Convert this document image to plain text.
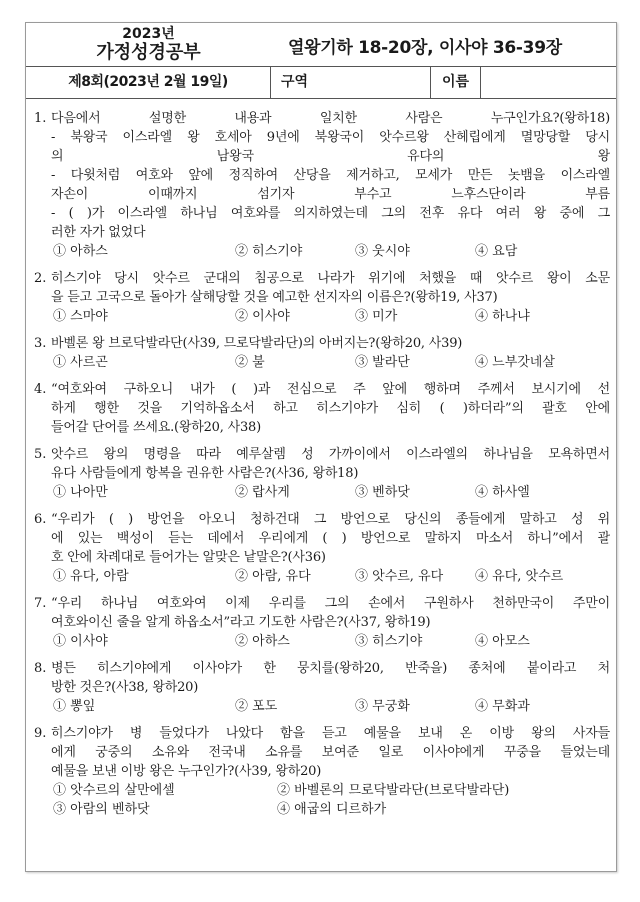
2023년
가정성경공부	열왕기하 18-20장, 이사야 36-39장
제8회(2023년 2월 19일)	구역	이름
1. 다음에서 설명한 내용과 일치한 사람은 누구인가요?(왕하18)
- 북왕국 이스라엘 왕 호세아 9년에 북왕국이 앗수르왕 산헤립에게 멸망당할 당시
의 남왕국 유다의 왕
- 다윗처럼 여호와 앞에 정직하여 산당을 제거하고, 모세가 만든 놋뱀을 이스라엘
자손이 이때까지 섬기자 부수고 느후스단이라 부름
- ( )가 이스라엘 하나님 여호와를 의지하였는데 그의 전후 유다 여러 왕 중에 그
러한 자가 없었다
① 아하스	② 히스기야	③ 웃시야	④ 요담
2. 히스기야 당시 앗수르 군대의 침공으로 나라가 위기에 처했을 때 앗수르 왕이 소문
을 듣고 고국으로 돌아가 살해당할 것을 예고한 선지자의 이름은?(왕하19, 사37)
① 스마야	② 이사야	③ 미가	④ 하나냐
3. 바벨론 왕 브로닥발라단(사39, 므로닥발라단)의 아버지는?(왕하20, 사39)
① 사르곤	② 불	③ 발라단	④ 느부갓네살
4. “여호와여 구하오니 내가 ( )과 전심으로 주 앞에 행하며 주께서 보시기에 선
하게 행한 것을 기억하옵소서 하고 히스기야가 심히 ( )하더라”의 괄호 안에
들어갈 단어를 쓰세요.(왕하20, 사38)
5. 앗수르 왕의 명령을 따라 예루살렘 성 가까이에서 이스라엘의 하나님을 모욕하면서
유다 사람들에게 항복을 권유한 사람은?(사36, 왕하18)
① 나아만	② 랍사게	③ 벤하닷	④ 하사엘
6. “우리가 ( ) 방언을 아오니 청하건대 그 방언으로 당신의 종들에게 말하고 성 위
에 있는 백성이 듣는 데에서 우리에게 ( ) 방언으로 말하지 마소서 하니”에서 괄
호 안에 차례대로 들어가는 알맞은 낱말은?(사36)
① 유다, 아람	② 아람, 유다	③ 앗수르, 유다 ④ 유다, 앗수르
7. “우리 하나님 여호와여 이제 우리를 그의 손에서 구원하사 천하만국이 주만이
여호와이신 줄을 알게 하옵소서”라고 기도한 사람은?(사37, 왕하19)
① 이사야	② 아하스	③ 히스기야	④ 아모스
8. 병든 히스기야에게 이사야가 한 뭉치를(왕하20, 반죽을) 종처에 붙이라고 처
방한 것은?(사38, 왕하20)
① 뽕잎	② 포도	③ 무궁화	④ 무화과
9. 히스기야가 병 들었다가 나았다 함을 듣고 예물을 보내 온 이방 왕의 사자들
에게 궁중의 소유와 전국내 소유를 보여준 일로 이사야에게 꾸중을 들었는데
예물을 보낸 이방 왕은 누구인가?(사39, 왕하20)
① 앗수르의 살만에셀	② 바벨론의 므로닥발라단(브로닥발라단)
③ 아람의 벤하닷	④ 애굽의 디르하가
